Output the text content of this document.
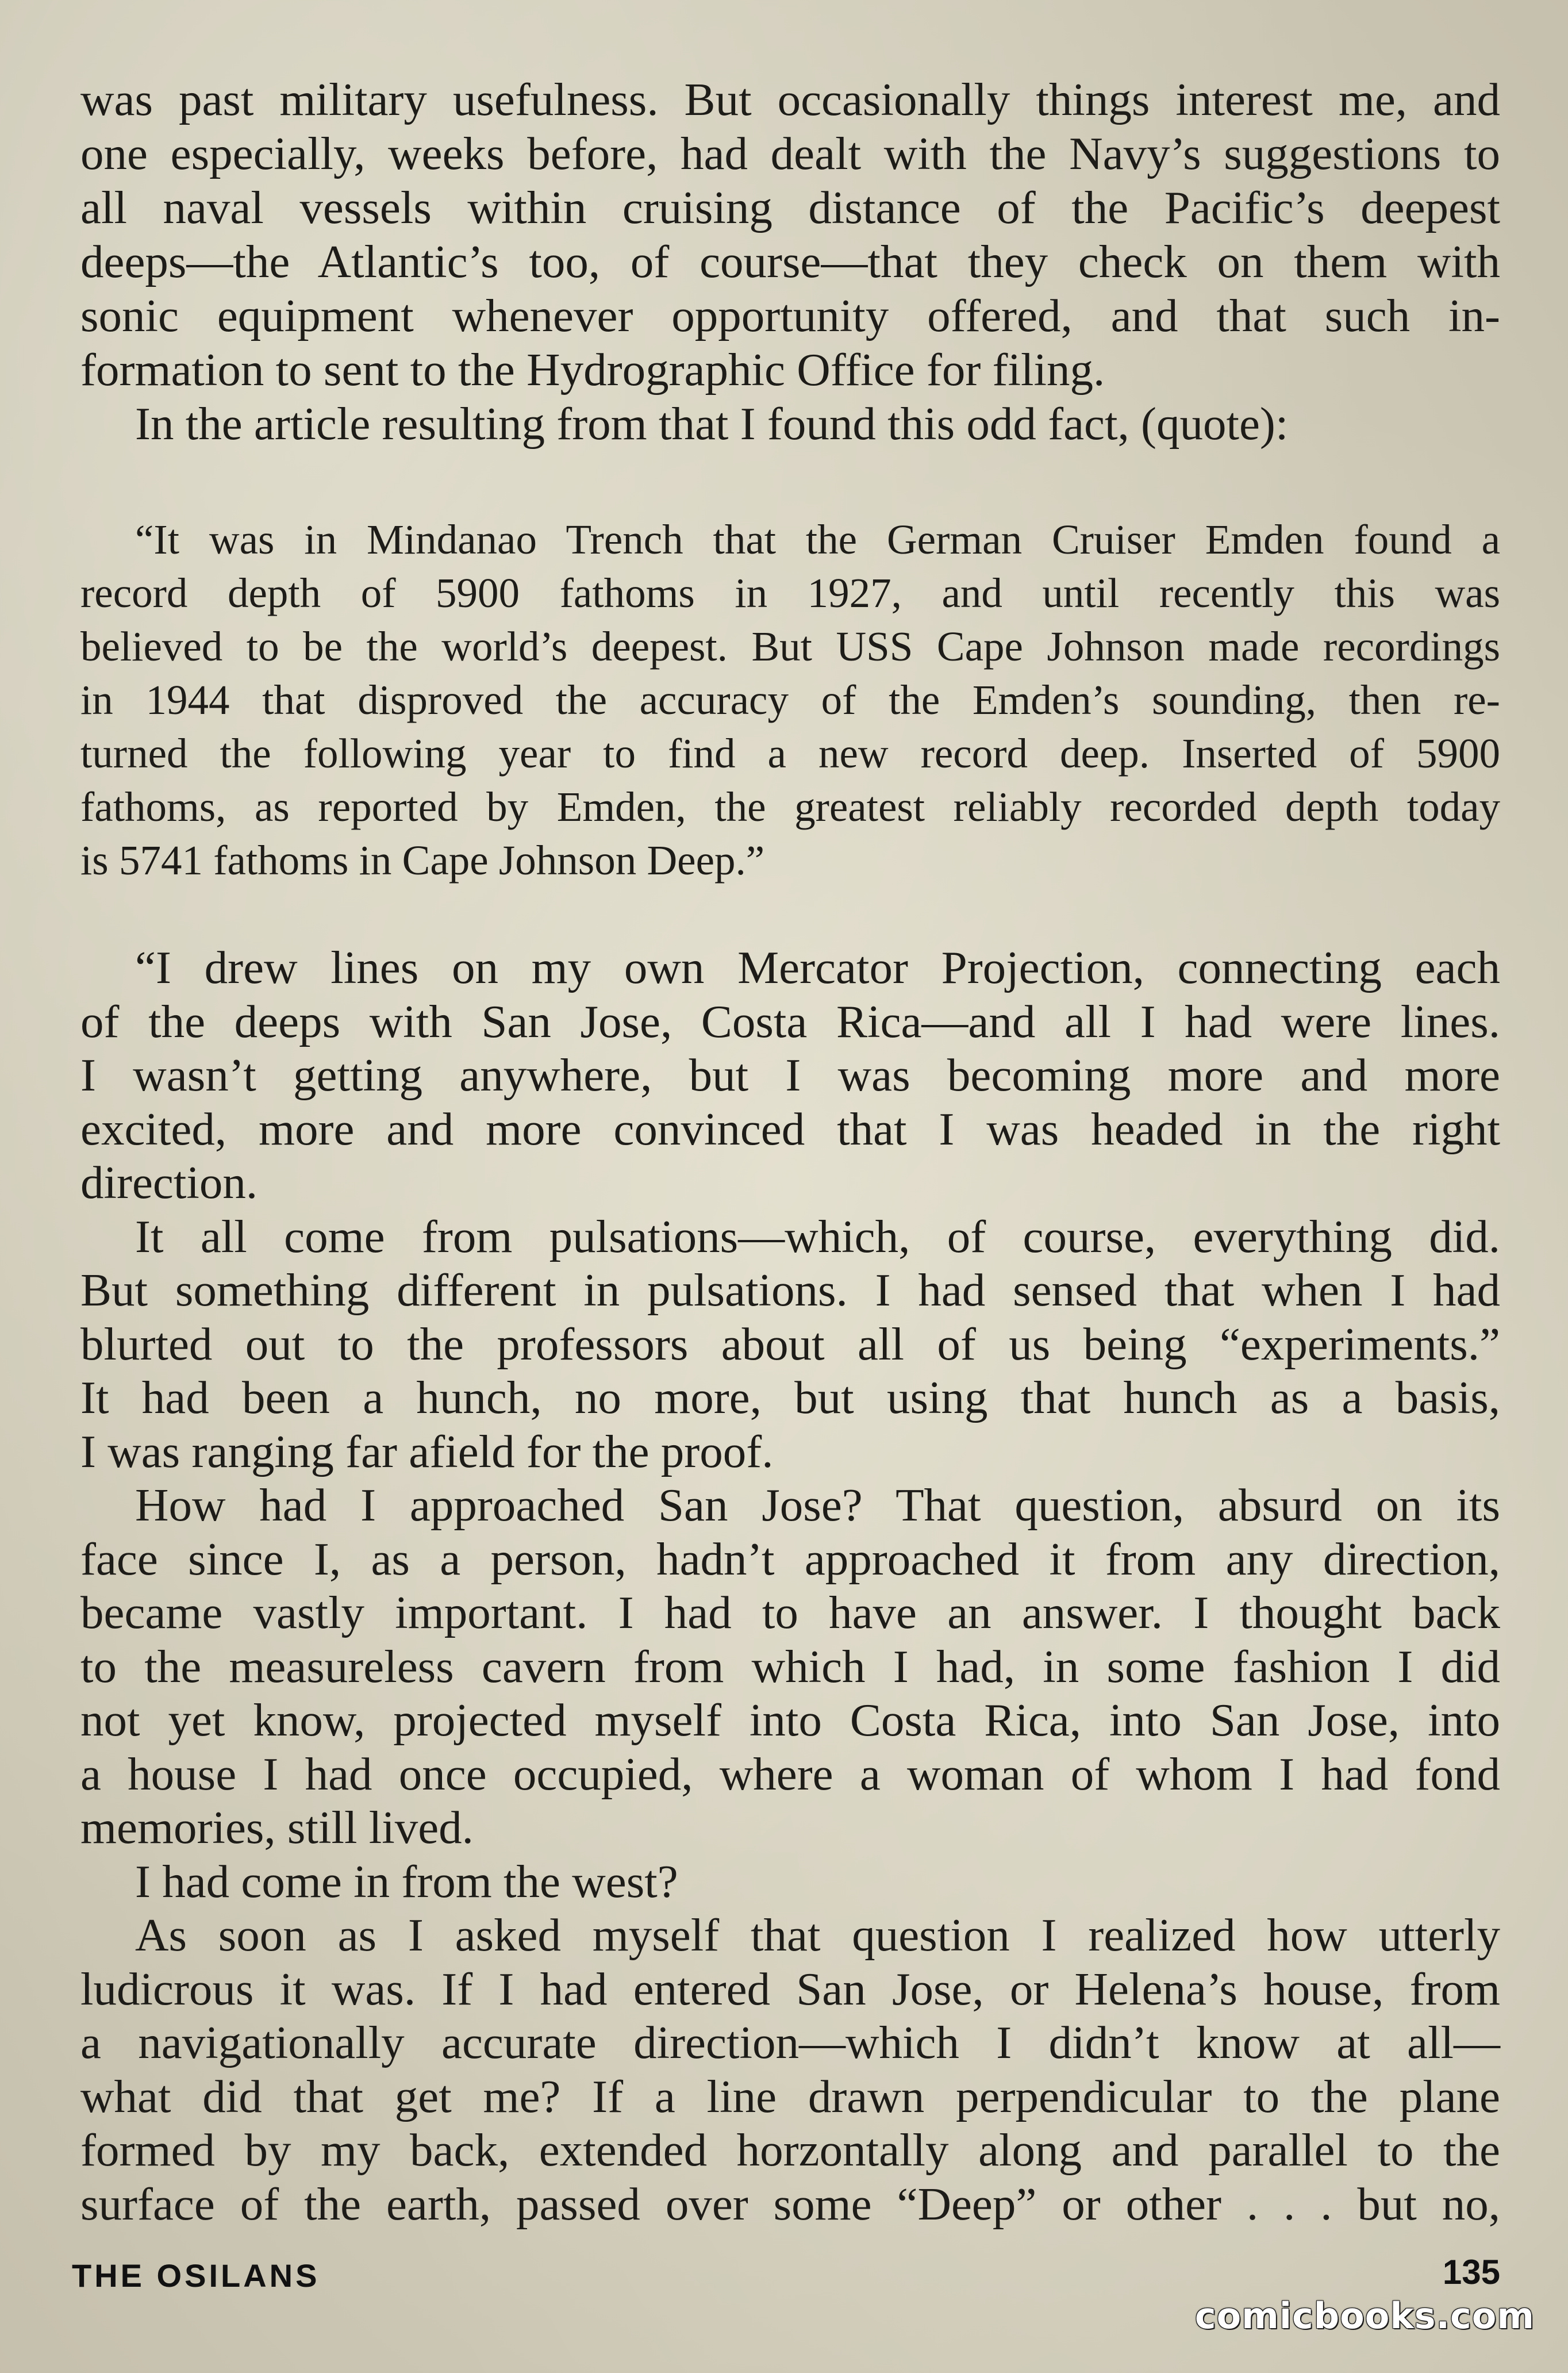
was past military usefulness. But occasionally things interest me, and
one especially, weeks before, had dealt with the Navy’s suggestions to
all naval vessels within cruising distance of the Pacific’s deepest
deeps—the Atlantic’s too, of course—that they check on them with
sonic equipment whenever opportunity offered, and that such in-
formation to sent to the Hydrographic Office for filing.
In the article resulting from that I found this odd fact, (quote):
“It was in Mindanao Trench that the German Cruiser Emden found a
record depth of 5900 fathoms in 1927, and until recently this was
believed to be the world’s deepest. But USS Cape Johnson made recordings
in 1944 that disproved the accuracy of the Emden’s sounding, then re-
turned the following year to find a new record deep. Inserted of 5900
fathoms, as reported by Emden, the greatest reliably recorded depth today
is 5741 fathoms in Cape Johnson Deep.”
“I drew lines on my own Mercator Projection, connecting each
of the deeps with San Jose, Costa Rica—and all I had were lines.
I wasn’t getting anywhere, but I was becoming more and more
excited, more and more convinced that I was headed in the right
direction.
It all come from pulsations—which, of course, everything did.
But something different in pulsations. I had sensed that when I had
blurted out to the professors about all of us being “experiments.”
It had been a hunch, no more, but using that hunch as a basis,
I was ranging far afield for the proof.
How had I approached San Jose? That question, absurd on its
face since I, as a person, hadn’t approached it from any direction,
became vastly important. I had to have an answer. I thought back
to the measureless cavern from which I had, in some fashion I did
not yet know, projected myself into Costa Rica, into San Jose, into
a house I had once occupied, where a woman of whom I had fond
memories, still lived.
I had come in from the west?
As soon as I asked myself that question I realized how utterly
ludicrous it was. If I had entered San Jose, or Helena’s house, from
a navigationally accurate direction—which I didn’t know at all—
what did that get me? If a line drawn perpendicular to the plane
formed by my back, extended horzontally along and parallel to the
surface of the earth, passed over some “Deep” or other . . . but no,
THE OSILANS	135
comicbooks.com
